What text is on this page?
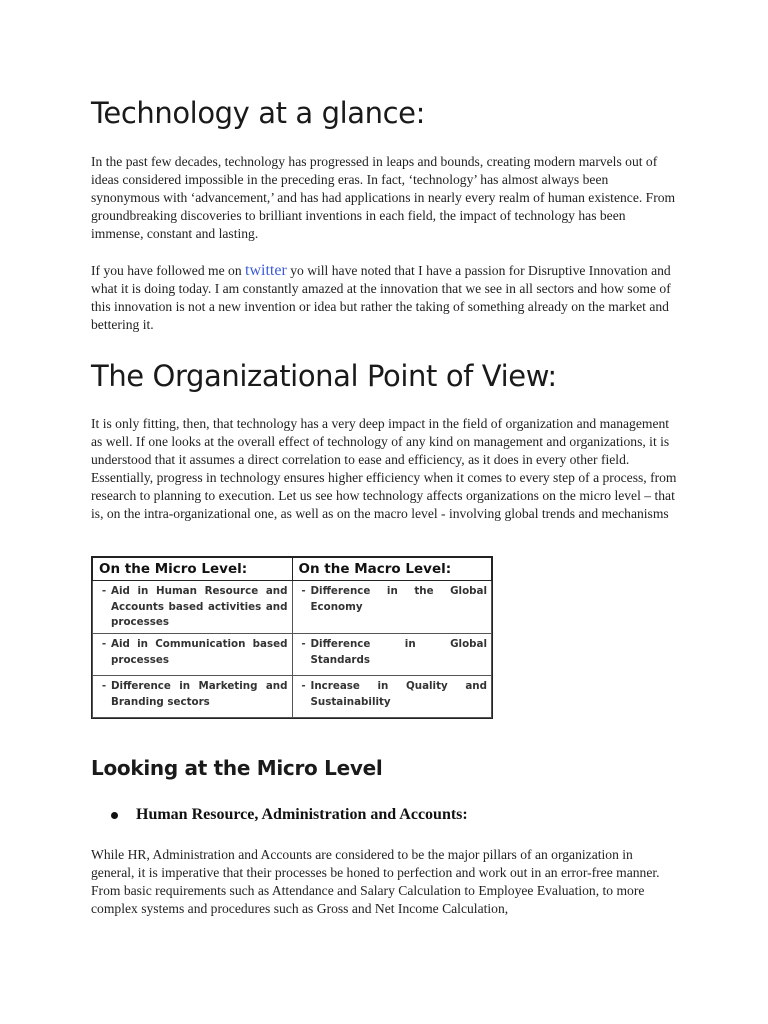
Technology at a glance:
In the past few decades, technology has progressed in leaps and bounds, creating modern marvels out of ideas considered impossible in the preceding eras. In fact, ‘technology’ has almost always been synonymous with ‘advancement,’ and has had applications in nearly every realm of human existence. From groundbreaking discoveries to brilliant inventions in each field, the impact of technology has been immense, constant and lasting.
If you have followed me on twitter yo will have noted that I have a passion for Disruptive Innovation and what it is doing today. I am constantly amazed at the innovation that we see in all sectors and how some of this innovation is not a new invention or idea but rather the taking of something already on the market and bettering it.
The Organizational Point of View:
It is only fitting, then, that technology has a very deep impact in the field of organization and management as well. If one looks at the overall effect of technology of any kind on management and organizations, it is understood that it assumes a direct correlation to ease and efficiency, as it does in every other field. Essentially, progress in technology ensures higher efficiency when it comes to every step of a process, from research to planning to execution. Let us see how technology affects organizations on the micro level – that is, on the intra-organizational one, as well as on the macro level - involving global trends and mechanisms
On the Micro Level:	On the Macro Level:

- Aid in Human Resource and Accounts based activities and processes	- Difference in the Global Economy

- Aid in Communication based processes	- Difference in Global Standards

- Difference in Marketing and Branding sectors	- Increase in Quality and Sustainability
Looking at the Micro Level
Human Resource, Administration and Accounts:
While HR, Administration and Accounts are considered to be the major pillars of an organization in general, it is imperative that their processes be honed to perfection and work out in an error-free manner. From basic requirements such as Attendance and Salary Calculation to Employee Evaluation, to more complex systems and procedures such as Gross and Net Income Calculation,
